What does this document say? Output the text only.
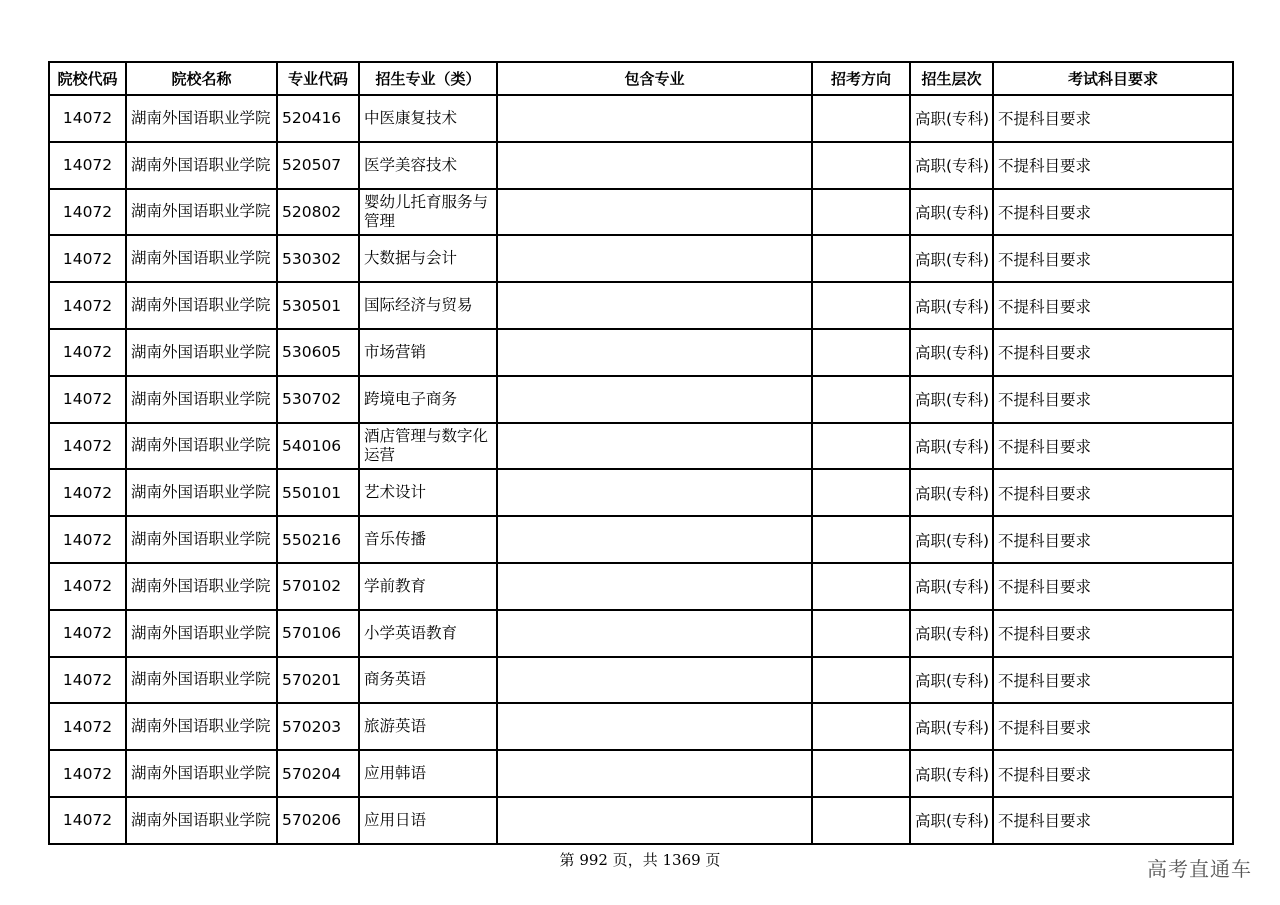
院校代码	院校名称	专业代码	招生专业（类）	包含专业	招考方向	招生层次	考试科目要求
14072	湖南外国语职业学院	520416	中医康复技术			高职(专科)	不提科目要求
14072	湖南外国语职业学院	520507	医学美容技术			高职(专科)	不提科目要求
14072	湖南外国语职业学院	520802	婴幼儿托育服务与管理			高职(专科)	不提科目要求
14072	湖南外国语职业学院	530302	大数据与会计			高职(专科)	不提科目要求
14072	湖南外国语职业学院	530501	国际经济与贸易			高职(专科)	不提科目要求
14072	湖南外国语职业学院	530605	市场营销			高职(专科)	不提科目要求
14072	湖南外国语职业学院	530702	跨境电子商务			高职(专科)	不提科目要求
14072	湖南外国语职业学院	540106	酒店管理与数字化运营			高职(专科)	不提科目要求
14072	湖南外国语职业学院	550101	艺术设计			高职(专科)	不提科目要求
14072	湖南外国语职业学院	550216	音乐传播			高职(专科)	不提科目要求
14072	湖南外国语职业学院	570102	学前教育			高职(专科)	不提科目要求
14072	湖南外国语职业学院	570106	小学英语教育			高职(专科)	不提科目要求
14072	湖南外国语职业学院	570201	商务英语			高职(专科)	不提科目要求
14072	湖南外国语职业学院	570203	旅游英语			高职(专科)	不提科目要求
14072	湖南外国语职业学院	570204	应用韩语			高职(专科)	不提科目要求
14072	湖南外国语职业学院	570206	应用日语			高职(专科)	不提科目要求
第 992 页，共 1369 页	高考直通车
